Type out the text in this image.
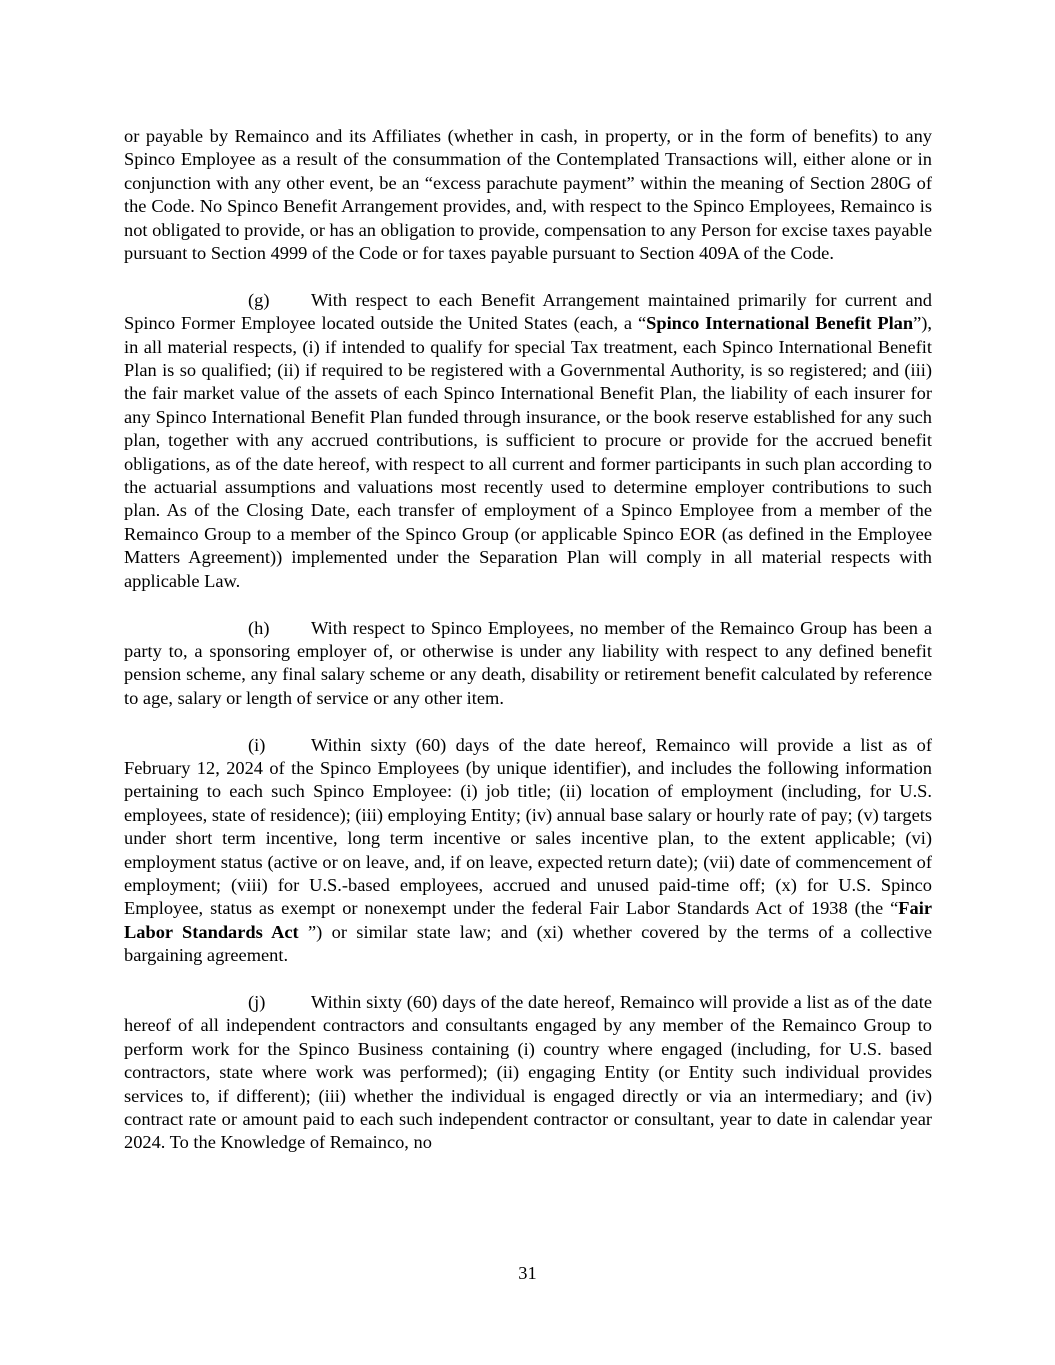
or payable by Remainco and its Affiliates (whether in cash, in property, or in the form of benefits) to any Spinco Employee as a result of the consummation of the Contemplated Transactions will, either alone or in conjunction with any other event, be an “excess parachute payment” within the meaning of Section 280G of the Code. No Spinco Benefit Arrangement provides, and, with respect to the Spinco Employees, Remainco is not obligated to provide, or has an obligation to provide, compensation to any Person for excise taxes payable pursuant to Section 4999 of the Code or for taxes payable pursuant to Section 409A of the Code.

(g) With respect to each Benefit Arrangement maintained primarily for current and Spinco Former Employee located outside the United States (each, a “Spinco International Benefit Plan”), in all material respects, (i) if intended to qualify for special Tax treatment, each Spinco International Benefit Plan is so qualified; (ii) if required to be registered with a Governmental Authority, is so registered; and (iii) the fair market value of the assets of each Spinco International Benefit Plan, the liability of each insurer for any Spinco International Benefit Plan funded through insurance, or the book reserve established for any such plan, together with any accrued contributions, is sufficient to procure or provide for the accrued benefit obligations, as of the date hereof, with respect to all current and former participants in such plan according to the actuarial assumptions and valuations most recently used to determine employer contributions to such plan. As of the Closing Date, each transfer of employment of a Spinco Employee from a member of the Remainco Group to a member of the Spinco Group (or applicable Spinco EOR (as defined in the Employee Matters Agreement)) implemented under the Separation Plan will comply in all material respects with applicable Law.

(h) With respect to Spinco Employees, no member of the Remainco Group has been a party to, a sponsoring employer of, or otherwise is under any liability with respect to any defined benefit pension scheme, any final salary scheme or any death, disability or retirement benefit calculated by reference to age, salary or length of service or any other item.

(i) Within sixty (60) days of the date hereof, Remainco will provide a list as of February 12, 2024 of the Spinco Employees (by unique identifier), and includes the following information pertaining to each such Spinco Employee: (i) job title; (ii) location of employment (including, for U.S. employees, state of residence); (iii) employing Entity; (iv) annual base salary or hourly rate of pay; (v) targets under short term incentive, long term incentive or sales incentive plan, to the extent applicable; (vi) employment status (active or on leave, and, if on leave, expected return date); (vii) date of commencement of employment; (viii) for U.S.-based employees, accrued and unused paid-time off; (x) for U.S. Spinco Employee, status as exempt or nonexempt under the federal Fair Labor Standards Act of 1938 (the “Fair Labor Standards Act ”) or similar state law; and (xi) whether covered by the terms of a collective bargaining agreement.

(j) Within sixty (60) days of the date hereof, Remainco will provide a list as of the date hereof of all independent contractors and consultants engaged by any member of the Remainco Group to perform work for the Spinco Business containing (i) country where engaged (including, for U.S. based contractors, state where work was performed); (ii) engaging Entity (or Entity such individual provides services to, if different); (iii) whether the individual is engaged directly or via an intermediary; and (iv) contract rate or amount paid to each such independent contractor or consultant, year to date in calendar year 2024. To the Knowledge of Remainco, no

31
